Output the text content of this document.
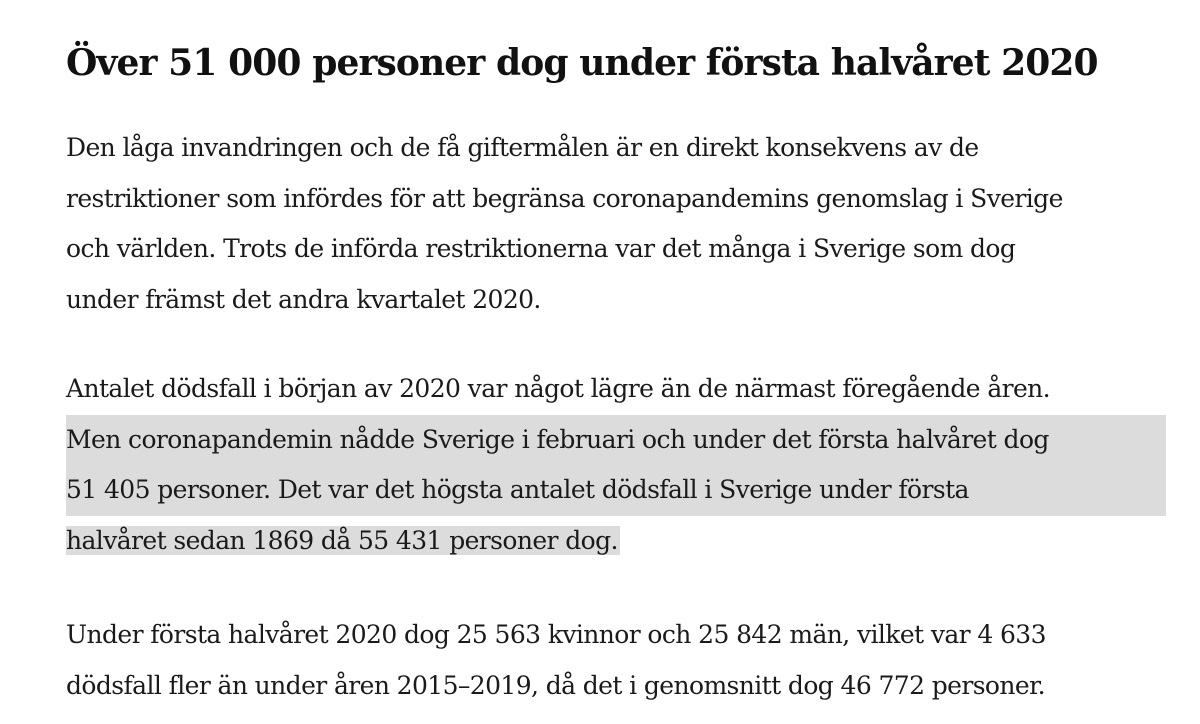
Över 51 000 personer dog under första halvåret 2020
Den låga invandringen och de få giftermålen är en direkt konsekvens av de
restriktioner som infördes för att begränsa coronapandemins genomslag i Sverige
och världen. Trots de införda restriktionerna var det många i Sverige som dog
under främst det andra kvartalet 2020.
Antalet dödsfall i början av 2020 var något lägre än de närmast föregående åren.
Men coronapandemin nådde Sverige i februari och under det första halvåret dog
51 405 personer. Det var det högsta antalet dödsfall i Sverige under första
halvåret sedan 1869 då 55 431 personer dog.
Under första halvåret 2020 dog 25 563 kvinnor och 25 842 män, vilket var 4 633
dödsfall fler än under åren 2015–2019, då det i genomsnitt dog 46 772 personer.
